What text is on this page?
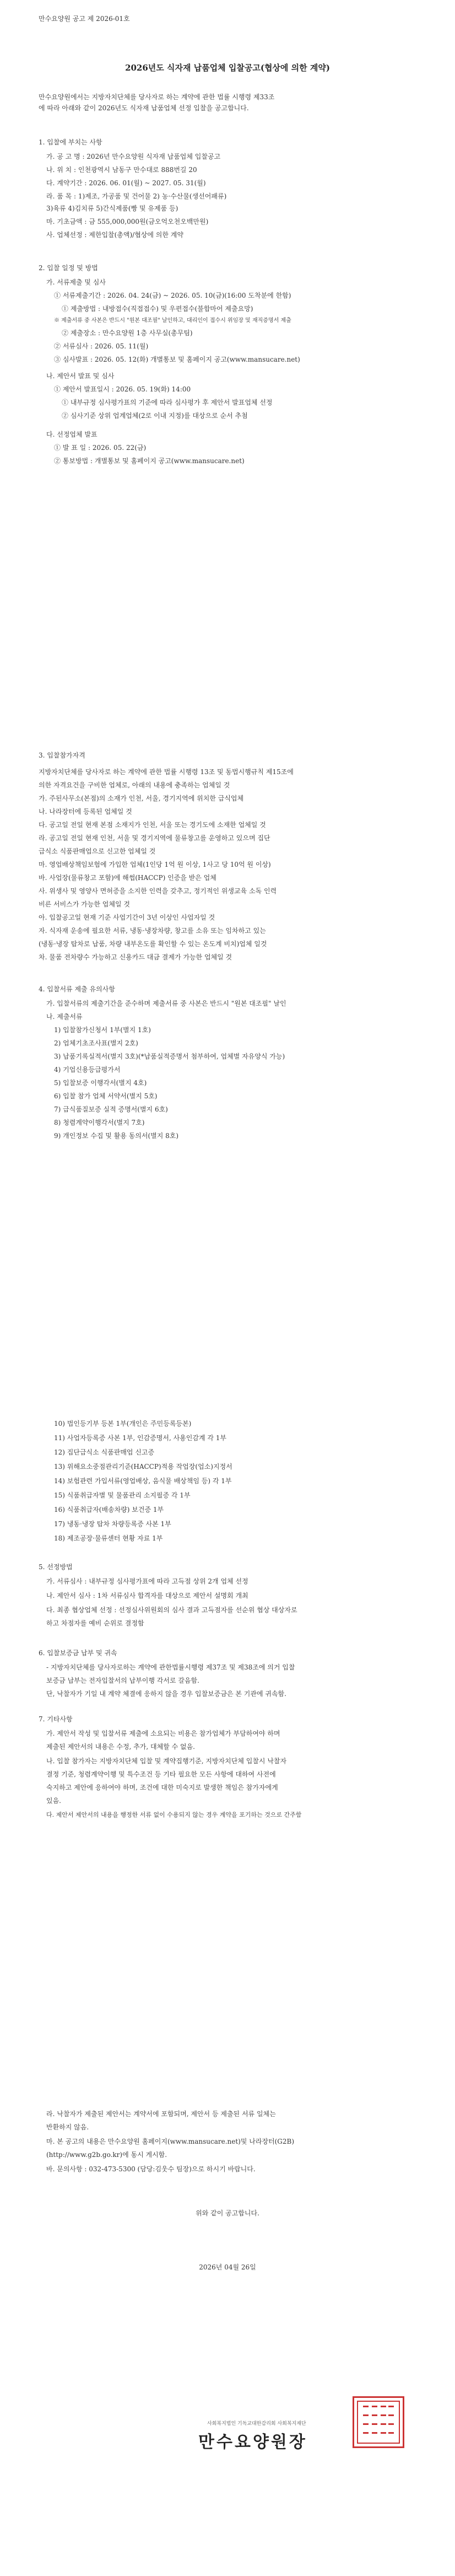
만수요양원 공고 제 2026-01호
2026년도 식자재 납품업체 입찰공고(협상에 의한 계약)
만수요양원에서는 지방자치단체를 당사자로 하는 계약에 관한 법률 시행령 제33조
에 따라 아래와 같이 2026년도 식자재 납품업체 선정 입찰을 공고합니다.
1. 입찰에 부치는 사항
가. 공 고 명 : 2026년 만수요양원 식자재 납품업체 입찰공고
나. 위 치 : 인천광역시 남동구 만수대로 888번길 20
다. 계약기간 : 2026. 06. 01(월) ~ 2027. 05. 31(월)
라. 품 목 : 1)제조, 가공품 및 건어물 2) 농·수산물(생선어패류)
3)육류 4)김치류 5)간식제품(빵 및 유제품 등)
마. 기초금액 : 금 555,000,000원(금오억오천오백만원)
사. 업체선정 : 제한입찰(총액)/협상에 의한 계약
2. 입찰 일정 및 방법
가. 서류제출 및 심사
① 서류제출기간 : 2026. 04. 24(금) ~ 2026. 05. 10(금)(16:00 도착분에 한함)
① 제출방법 : 내방접수(직접접수) 및 우편접수(불합마어 제출요망)
※ 제출서류 중 사본은 반드시 "원본 대조필" 날인하고, 대리인이 접수시 위임장 및 재직증명서 제출
② 제출장소 : 만수요양원 1층 사무실(총무팀)
② 서류심사 : 2026. 05. 11(월)
③ 심사발표 : 2026. 05. 12(화) 개별통보 및 홈페이지 공고(www.mansucare.net)
나. 제안서 발표 및 심사
① 제안서 발표일시 : 2026. 05. 19(화) 14:00
① 내부규정 심사평가표의 기준에 따라 심사평가 후 제안서 발표업체 선정
② 심사기준 상위 업계업체(2로 이내 지정)를 대상으로 순서 추첨
다. 선정업체 발표
① 발 표 일 : 2026. 05. 22(금)
② 통보방법 : 개별통보 및 홈페이지 공고(www.mansucare.net)
3. 입찰참가자격
지방자치단체를 당사자로 하는 계약에 관한 법률 시행령 13조 및 동법시행규칙 제15조에
의한 자격요건을 구비한 업체로, 아래의 내용에 충족하는 업체일 것
가. 주된사무소(본점)의 소재가 인천, 서울, 경기지역에 위치한 급식업체
나. 나라장터에 등록된 업체일 것
다. 공고일 전일 현재 본점 소재지가 인천, 서울 또는 경기도에 소재한 업체일 것
라. 공고일 전일 현재 인천, 서울 및 경기지역에 물류창고를 운영하고 있으며 집단
급식소 식품판매업으로 신고한 업체일 것
마. 영업배상책임보험에 가입한 업체(1인당 1억 원 이상, 1사고 당 10억 원 이상)
바. 사업장(물류창고 포함)에 해썹(HACCP) 인증을 받은 업체
사. 위생사 및 영양사 면허증을 소지한 인력을 갖추고, 정기적인 위생교육 소독 인력
비른 서비스가 가능한 업체일 것
아. 입찰공고일 현재 기준 사업기간이 3년 이상인 사업자일 것
자. 식자재 운송에 필요한 서류, 냉동·냉장차량, 창고를 소유 또는 임차하고 있는
(냉동·냉장 탑차로 납품, 차량 내부온도를 확인할 수 있는 온도계 비치)업체 일것
차. 물품 전차량수 가능하고 신용카드 대금 결제가 가능한 업체일 것
4. 입찰서류 제출 유의사항
가. 입찰서류의 제출기간을 준수하며 제출서류 중 사본은 반드시 "원본 대조필" 날인
나. 제출서류
1) 입찰참가신청서 1부(별지 1호)
2) 업체기초조사표(별지 2호)
3) 납품기록실적서(별지 3호)(*납품실적증명서 첨부하여, 업체별 자유양식 가능)
4) 기업신용등급평가서
5) 입찰보증 이행각서(별지 4호)
6) 입찰 참가 업체 서약서(별지 5호)
7) 급식품질보증 실적 증명서(별지 6호)
8) 청렴계약이행각서(별지 7호)
9) 개인정보 수집 및 활용 동의서(별지 8호)
10) 법인등기부 등본 1부(개인은 주민등록등본)
11) 사업자등록증 사본 1부, 인감증명서, 사용인감계 각 1부
12) 집단급식소 식품판매업 신고증
13) 위해요소중점관리기준(HACCP)적용 작업장(업소)지정서
14) 보험관련 가입서류(영업배상, 음식물 배상책임 등) 각 1부
15) 식품취급자별 및 물품관리 소지필증 각 1부
16) 식품취급자(배송차량) 보건증 1부
17) 냉동·냉장 탑차 차량등록증 사본 1부
18) 제조공장·물류센터 현황 자료 1부
5. 선정방법
가. 서류심사 : 내부규정 심사평가표에 따라 고득점 상위 2개 업체 선정
나. 제안서 심사 : 1차 서류심사 합격자를 대상으로 제안서 설명회 개최
다. 최종 협상업체 선정 : 선정심사위원회의 심사 결과 고득점자를 선순위 협상 대상자로
하고 차점자를 예비 순위로 결정함
6. 입찰보증금 납부 및 귀속
- 지방자치단체를 당사자로하는 계약에 관한법률시행령 제37조 및 제38조에 의거 입찰
보증금 납부는 전자입찰서의 납부이행 각서로 갈음함.
단, 낙찰자가 기일 내 계약 체결에 응하지 않을 경우 입찰보증금은 본 기관에 귀속함.
7. 기타사항
가. 제안서 작성 및 입찰서류 제출에 소요되는 비용은 참가업체가 부담하여야 하며
제출된 제안서의 내용은 수정, 추가, 대체할 수 없음.
나. 입찰 참가자는 지방자치단체 입찰 및 계약집행기준, 지방자치단체 입찰시 낙찰자
결정 기준, 청렴계약이행 및 특수조건 등 기타 필요한 모든 사항에 대하여 사전에
숙지하고 제안에 응하여야 하며, 조건에 대한 미숙지로 발생한 책임은 참가자에게
있음.
다. 제안서 제안서의 내용을 행정한 서류 없이 수용되지 않는 경우 계약을 포기하는 것으로 간주함
라. 낙찰자가 제출된 제안서는 계약서에 포함되며, 제안서 등 제출된 서류 일체는
반환하지 않음.
마. 본 공고의 내용은 만수요양원 홈페이지(www.mansucare.net)및 나라장터(G2B)
(http://www.g2b.go.kr)에 동시 게시함.
바. 문의사항 : 032-473-5300 (담당:김웃수 팀장)으로 하시기 바랍니다.
위와 같이 공고합니다.
2026년 04월 26일
사회복지법인 기독교대한감리회 사회복지재단
만수요양원장
